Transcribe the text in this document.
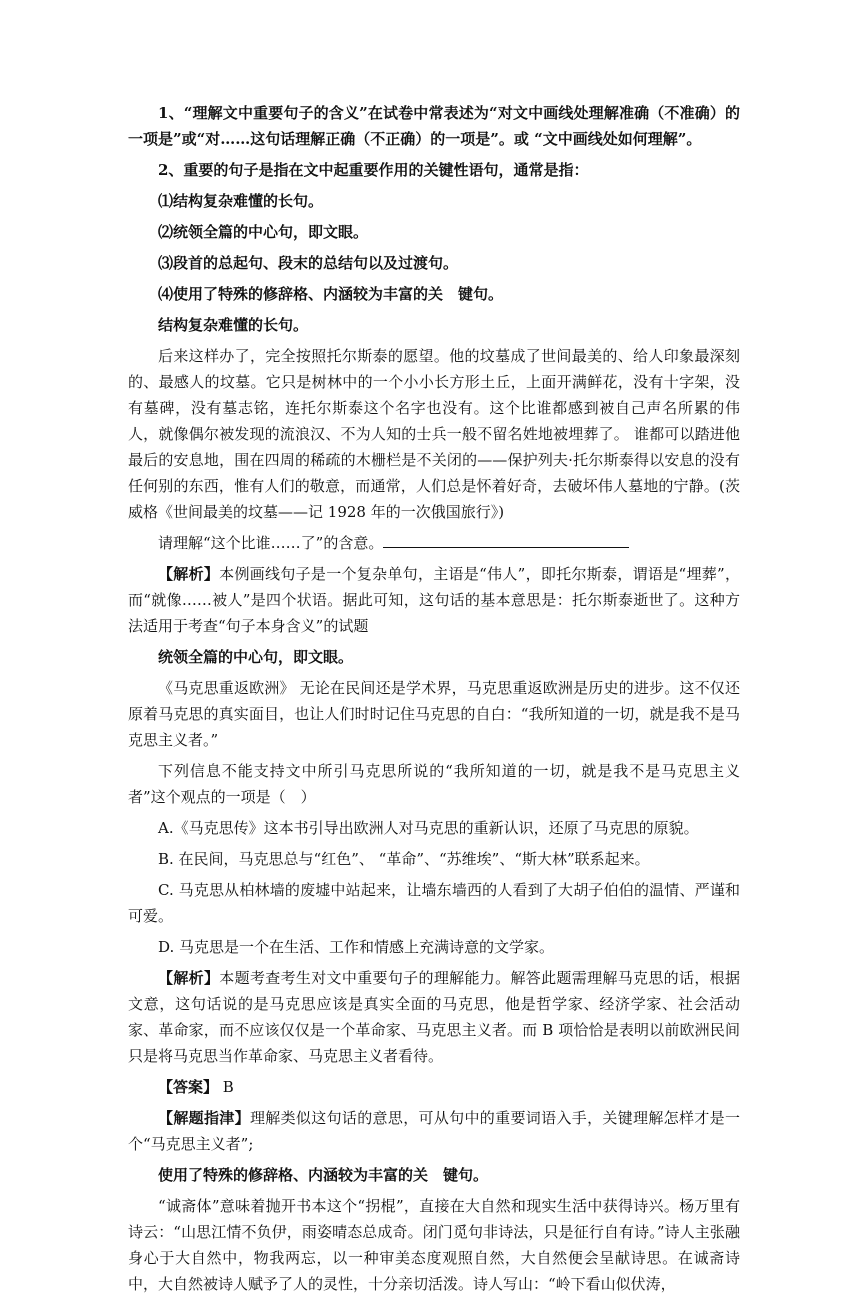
1、“理解文中重要句子的含义”在试卷中常表述为“对文中画线处理解准确（不准确）的一项是”或“对……这句话理解正确（不正确）的一项是”。或 “文中画线处如何理解”。

2、重要的句子是指在文中起重要作用的关键性语句，通常是指：

⑴结构复杂难懂的长句。

⑵统领全篇的中心句，即文眼。

⑶段首的总起句、段末的总结句以及过渡句。

⑷使用了特殊的修辞格、内涵较为丰富的关　键句。

结构复杂难懂的长句。

后来这样办了，完全按照托尔斯泰的愿望。他的坟墓成了世间最美的、给人印象最深刻的、最感人的坟墓。它只是树林中的一个小小长方形土丘，上面开满鲜花，没有十字架，没有墓碑，没有墓志铭，连托尔斯泰这个名字也没有。这个比谁都感到被自己声名所累的伟人，就像偶尔被发现的流浪汉、不为人知的士兵一般不留名姓地被埋葬了。 谁都可以踏进他最后的安息地，围在四周的稀疏的木栅栏是不关闭的——保护列夫·托尔斯泰得以安息的没有任何别的东西，惟有人们的敬意，而通常，人们总是怀着好奇，去破坏伟人墓地的宁静。(茨威格《世间最美的坟墓——记 1928 年的一次俄国旅行》)

请理解“这个比谁……了”的含意。

【解析】本例画线句子是一个复杂单句，主语是“伟人”，即托尔斯泰，谓语是“埋葬”，而“就像……被人”是四个状语。据此可知，这句话的基本意思是：托尔斯泰逝世了。这种方法适用于考查“句子本身含义”的试题

统领全篇的中心句，即文眼。

《马克思重返欧洲》 无论在民间还是学术界，马克思重返欧洲是历史的进步。这不仅还原着马克思的真实面目，也让人们时时记住马克思的自白：“我所知道的一切，就是我不是马克思主义者。”

下列信息不能支持文中所引马克思所说的“我所知道的一切，就是我不是马克思主义者”这个观点的一项是（　）

A.《马克思传》这本书引导出欧洲人对马克思的重新认识，还原了马克思的原貌。

B. 在民间，马克思总与“红色”、 “革命”、“苏维埃”、“斯大林”联系起来。

C. 马克思从柏林墙的废墟中站起来，让墙东墙西的人看到了大胡子伯伯的温情、严谨和可爱。

D. 马克思是一个在生活、工作和情感上充满诗意的文学家。

【解析】本题考查考生对文中重要句子的理解能力。解答此题需理解马克思的话，根据文意，这句话说的是马克思应该是真实全面的马克思，他是哲学家、经济学家、社会活动家、革命家，而不应该仅仅是一个革命家、马克思主义者。而 B 项恰恰是表明以前欧洲民间只是将马克思当作革命家、马克思主义者看待。

【答案】 B

【解题指津】理解类似这句话的意思，可从句中的重要词语入手，关键理解怎样才是一个“马克思主义者”;

使用了特殊的修辞格、内涵较为丰富的关　键句。

“诚斋体”意味着抛开书本这个“拐棍”，直接在大自然和现实生活中获得诗兴。杨万里有诗云：“山思江情不负伊，雨姿晴态总成奇。闭门觅句非诗法，只是征行自有诗。”诗人主张融身心于大自然中，物我两忘，以一种审美态度观照自然，大自然便会呈献诗思。在诚斋诗中，大自然被诗人赋予了人的灵性，十分亲切活泼。诗人写山：“岭下看山似伏涛，
